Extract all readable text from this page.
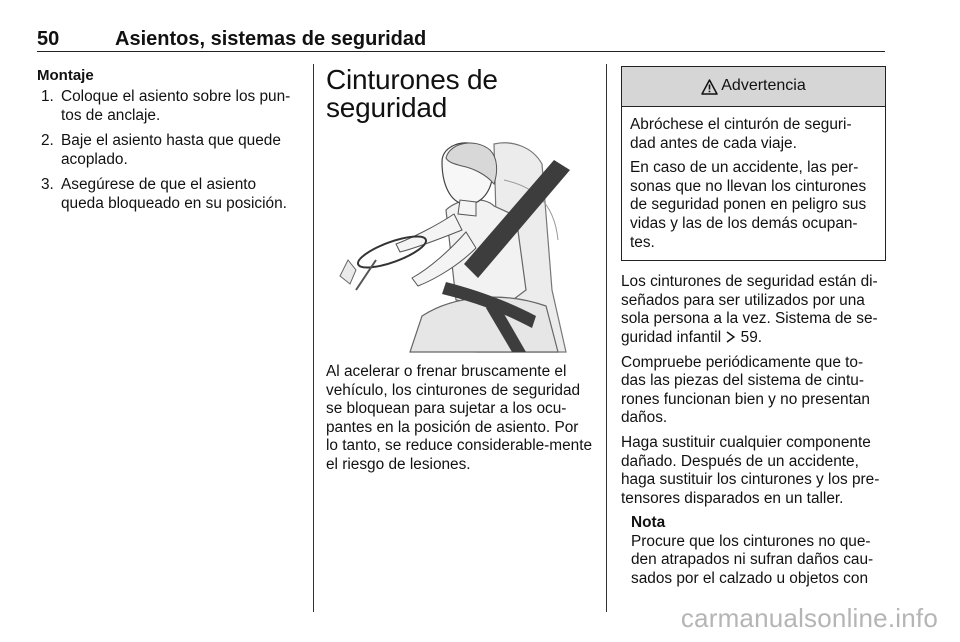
50	Asientos, sistemas de seguridad
Montaje
1. Coloque el asiento sobre los pun-tos de anclaje.
2. Baje el asiento hasta que quede acoplado.
3. Asegúrese de que el asiento queda bloqueado en su posición.
Cinturones de
seguridad

Al acelerar o frenar bruscamente el vehículo, los cinturones de seguridad se bloquean para sujetar a los ocu-pantes en la posición de asiento. Por lo tanto, se reduce considerable-mente el riesgo de lesiones.

Advertencia

Abróchese el cinturón de seguri-dad antes de cada viaje.

En caso de un accidente, las per-sonas que no llevan los cinturones de seguridad ponen en peligro sus vidas y las de los demás ocupan-tes.

Los cinturones de seguridad están di-señados para ser utilizados por una sola persona a la vez. Sistema de se-guridad infantil 59.

Compruebe periódicamente que to-das las piezas del sistema de cintu-rones funcionan bien y no presentan daños.

Haga sustituir cualquier componente dañado. Después de un accidente, haga sustituir los cinturones y los pre-tensores disparados en un taller.

Nota
Procure que los cinturones no que-den atrapados ni sufran daños cau-sados por el calzado u objetos con
carmanualsonline.info
